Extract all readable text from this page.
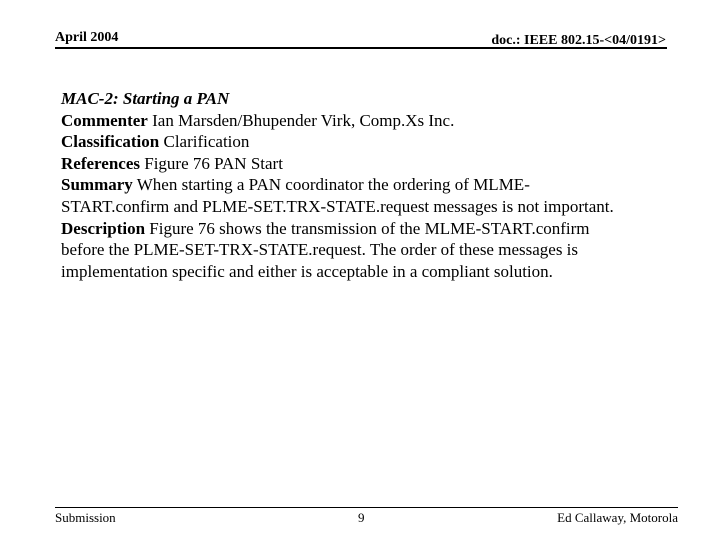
April 2004	doc.: IEEE 802.15-<04/0191>

MAC-2: Starting a PAN

Commenter Ian Marsden/Bhupender Virk, Comp.Xs Inc.

Classification Clarification

References Figure 76 PAN Start

Summary When starting a PAN coordinator the ordering of MLME-

START.confirm and PLME-SET.TRX-STATE.request messages is not important.

Description Figure 76 shows the transmission of the MLME-START.confirm

before the PLME-SET-TRX-STATE.request. The order of these messages is

implementation specific and either is acceptable in a compliant solution.

Submission	9	Ed Callaway, Motorola
